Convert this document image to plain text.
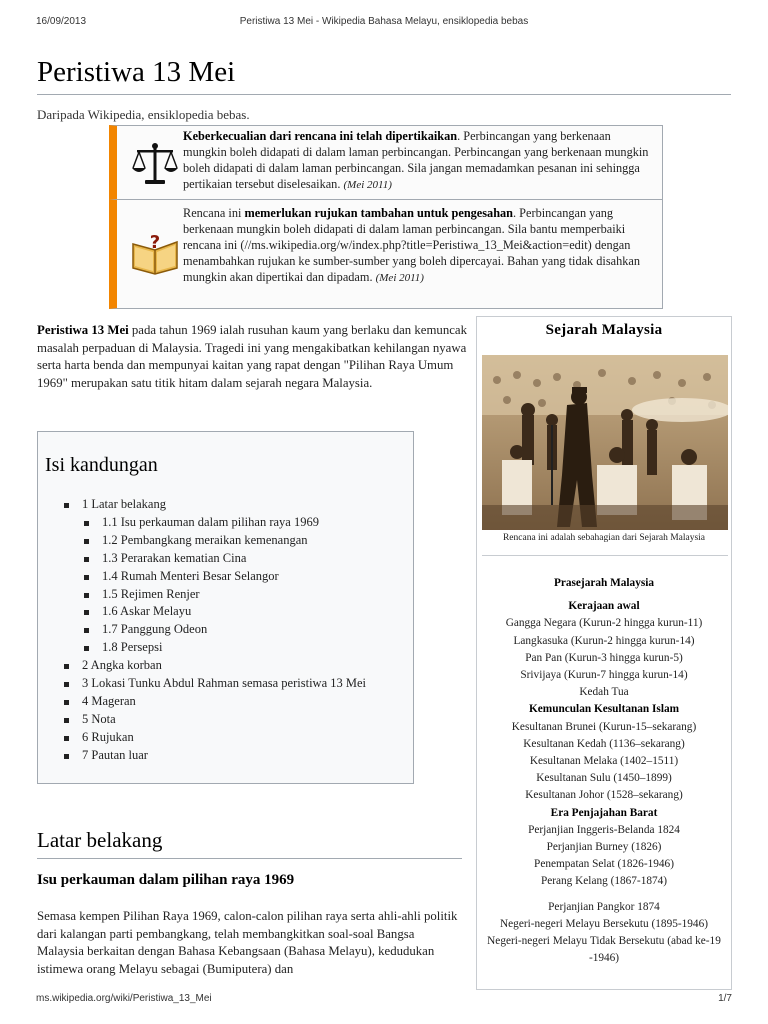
16/09/2013	Peristiwa 13 Mei - Wikipedia Bahasa Melayu, ensiklopedia bebas
Peristiwa 13 Mei

Daripada Wikipedia, ensiklopedia bebas.

Keberkecualian dari rencana ini telah dipertikaikan. Perbincangan yang berkenaan mungkin boleh didapati di dalam laman perbincangan. Perbincangan yang berkenaan mungkin boleh didapati di dalam laman perbincangan. Sila jangan memadamkan pesanan ini sehingga pertikaian tersebut diselesaikan. (Mei 2011)
?
Rencana ini memerlukan rujukan tambahan untuk pengesahan. Perbincangan yang berkenaan mungkin boleh didapati di dalam laman perbincangan. Sila bantu memperbaiki rencana ini (//ms.wikipedia.org/w/index.php?title=Peristiwa_13_Mei&action=edit) dengan menambahkan rujukan ke sumber-sumber yang boleh dipercayai. Bahan yang tidak disahkan mungkin akan dipertikai dan dipadam. (Mei 2011)

Peristiwa 13 Mei pada tahun 1969 ialah rusuhan kaum yang berlaku dan kemuncak masalah perpaduan di Malaysia. Tragedi ini yang mengakibatkan kehilangan nyawa serta harta benda dan mempunyai kaitan yang rapat dengan "Pilihan Raya Umum 1969" merupakan satu titik hitam dalam sejarah negara Malaysia.

Isi kandungan
1 Latar belakang
1.1 Isu perkauman dalam pilihan raya 1969
1.2 Pembangkang meraikan kemenangan
1.3 Perarakan kematian Cina
1.4 Rumah Menteri Besar Selangor
1.5 Rejimen Renjer
1.6 Askar Melayu
1.7 Panggung Odeon
1.8 Persepsi
2 Angka korban
3 Lokasi Tunku Abdul Rahman semasa peristiwa 13 Mei
4 Mageran
5 Nota
6 Rujukan
7 Pautan luar
Latar belakang
Isu perkauman dalam pilihan raya 1969

Semasa kempen Pilihan Raya 1969, calon-calon pilihan raya serta ahli-ahli politik dari kalangan parti pembangkang, telah membangkitkan soal-soal Bangsa Malaysia berkaitan dengan Bahasa Kebangsaan (Bahasa Melayu), kedudukan istimewa orang Melayu sebagai (Bumiputera) dan

Sejarah Malaysia
Rencana ini adalah sebahagian dari Sejarah Malaysia
Prasejarah Malaysia
Kerajaan awal
Gangga Negara (Kurun-2 hingga kurun-11)
Langkasuka (Kurun-2 hingga kurun-14)
Pan Pan (Kurun-3 hingga kurun-5)
Srivijaya (Kurun-7 hingga kurun-14)
Kedah Tua
Kemunculan Kesultanan Islam
Kesultanan Brunei (Kurun-15–sekarang)
Kesultanan Kedah (1136–sekarang)
Kesultanan Melaka (1402–1511)
Kesultanan Sulu (1450–1899)
Kesultanan Johor (1528–sekarang)
Era Penjajahan Barat
Perjanjian Inggeris-Belanda 1824
Perjanjian Burney (1826)
Penempatan Selat (1826-1946)
Perang Kelang (1867-1874)
Perjanjian Pangkor 1874
Negeri-negeri Melayu Bersekutu (1895-1946)
Negeri-negeri Melayu Tidak Bersekutu (abad ke-19 -1946)
ms.wikipedia.org/wiki/Peristiwa_13_Mei	1/7
